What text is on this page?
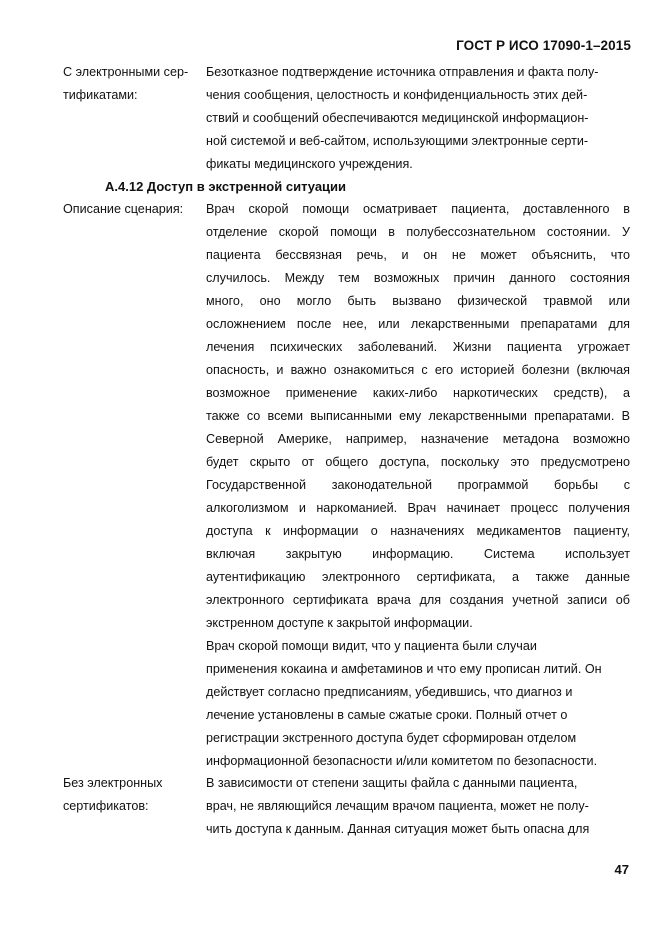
ГОСТ Р ИСО 17090-1–2015
С электронными сер-
тификатами:
Безотказное подтверждение источника отправления и факта полу-
чения сообщения, целостность и конфиденциальность этих дей-
ствий и сообщений обеспечиваются медицинской информацион-
ной системой и веб-сайтом, использующими электронные серти-
фикаты медицинского учреждения.
А.4.12 Доступ в экстренной ситуации
Описание сценария:	Врач скорой помощи осматривает пациента, доставленного в
отделение скорой помощи в полубессознательном состоянии. У
пациента бессвязная речь, и он не может объяснить, что
случилось. Между тем возможных причин данного состояния
много, оно могло быть вызвано физической травмой или
осложнением после нее, или лекарственными препаратами для
лечения психических заболеваний. Жизни пациента угрожает
опасность, и важно ознакомиться с его историей болезни (включая
возможное применение каких-либо наркотических средств), а
также со всеми выписанными ему лекарственными препаратами. В
Северной Америке, например, назначение метадона возможно
будет скрыто от общего доступа, поскольку это предусмотрено
Государственной законодательной программой борьбы с
алкоголизмом и наркоманией. Врач начинает процесс получения
доступа к информации о назначениях медикаментов пациенту,
включая закрытую информацию. Система использует
аутентификацию электронного сертификата, а также данные
электронного сертификата врача для создания учетной записи об
экстренном доступе к закрытой информации.
Врач скорой помощи видит, что у пациента были случаи
применения кокаина и амфетаминов и что ему прописан литий. Он
действует согласно предписаниям, убедившись, что диагноз и
лечение установлены в самые сжатые сроки. Полный отчет о
регистрации экстренного доступа будет сформирован отделом
информационной безопасности и/или комитетом по безопасности.
Без электронных
сертификатов:
В зависимости от степени защиты файла с данными пациента,
врач, не являющийся лечащим врачом пациента, может не полу-
чить доступа к данным. Данная ситуация может быть опасна для
47
